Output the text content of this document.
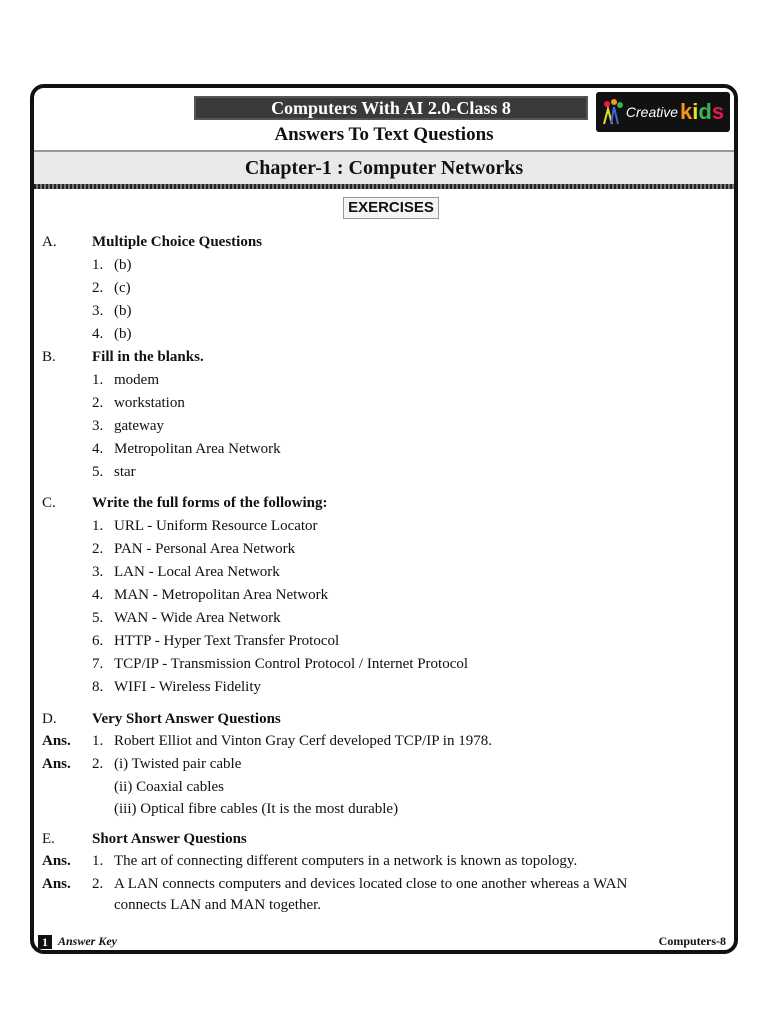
Computers With AI 2.0-Class 8	Creative kids
Answers To Text Questions
Chapter-1 : Computer Networks
EXERCISES
A. Multiple Choice Questions
1. (b)
2. (c)
3. (b)
4. (b)
B. Fill in the blanks.
1. modem
2. workstation
3. gateway
4. Metropolitan Area Network
5. star
C. Write the full forms of the following:
1. URL - Uniform Resource Locator
2. PAN - Personal Area Network
3. LAN - Local Area Network
4. MAN - Metropolitan Area Network
5. WAN - Wide Area Network
6. HTTP - Hyper Text Transfer Protocol
7. TCP/IP - Transmission Control Protocol / Internet Protocol
8. WIFI - Wireless Fidelity
D. Very Short Answer Questions
Ans. 1. Robert Elliot and Vinton Gray Cerf developed TCP/IP in 1978.
Ans. 2. (i) Twisted pair cable
(ii) Coaxial cables
(iii) Optical fibre cables (It is the most durable)
E. Short Answer Questions
Ans. 1. The art of connecting different computers in a network is known as topology.
Ans. 2. A LAN connects computers and devices located close to one another whereas a WAN
connects LAN and MAN together.
1 Answer Key	Computers-8
